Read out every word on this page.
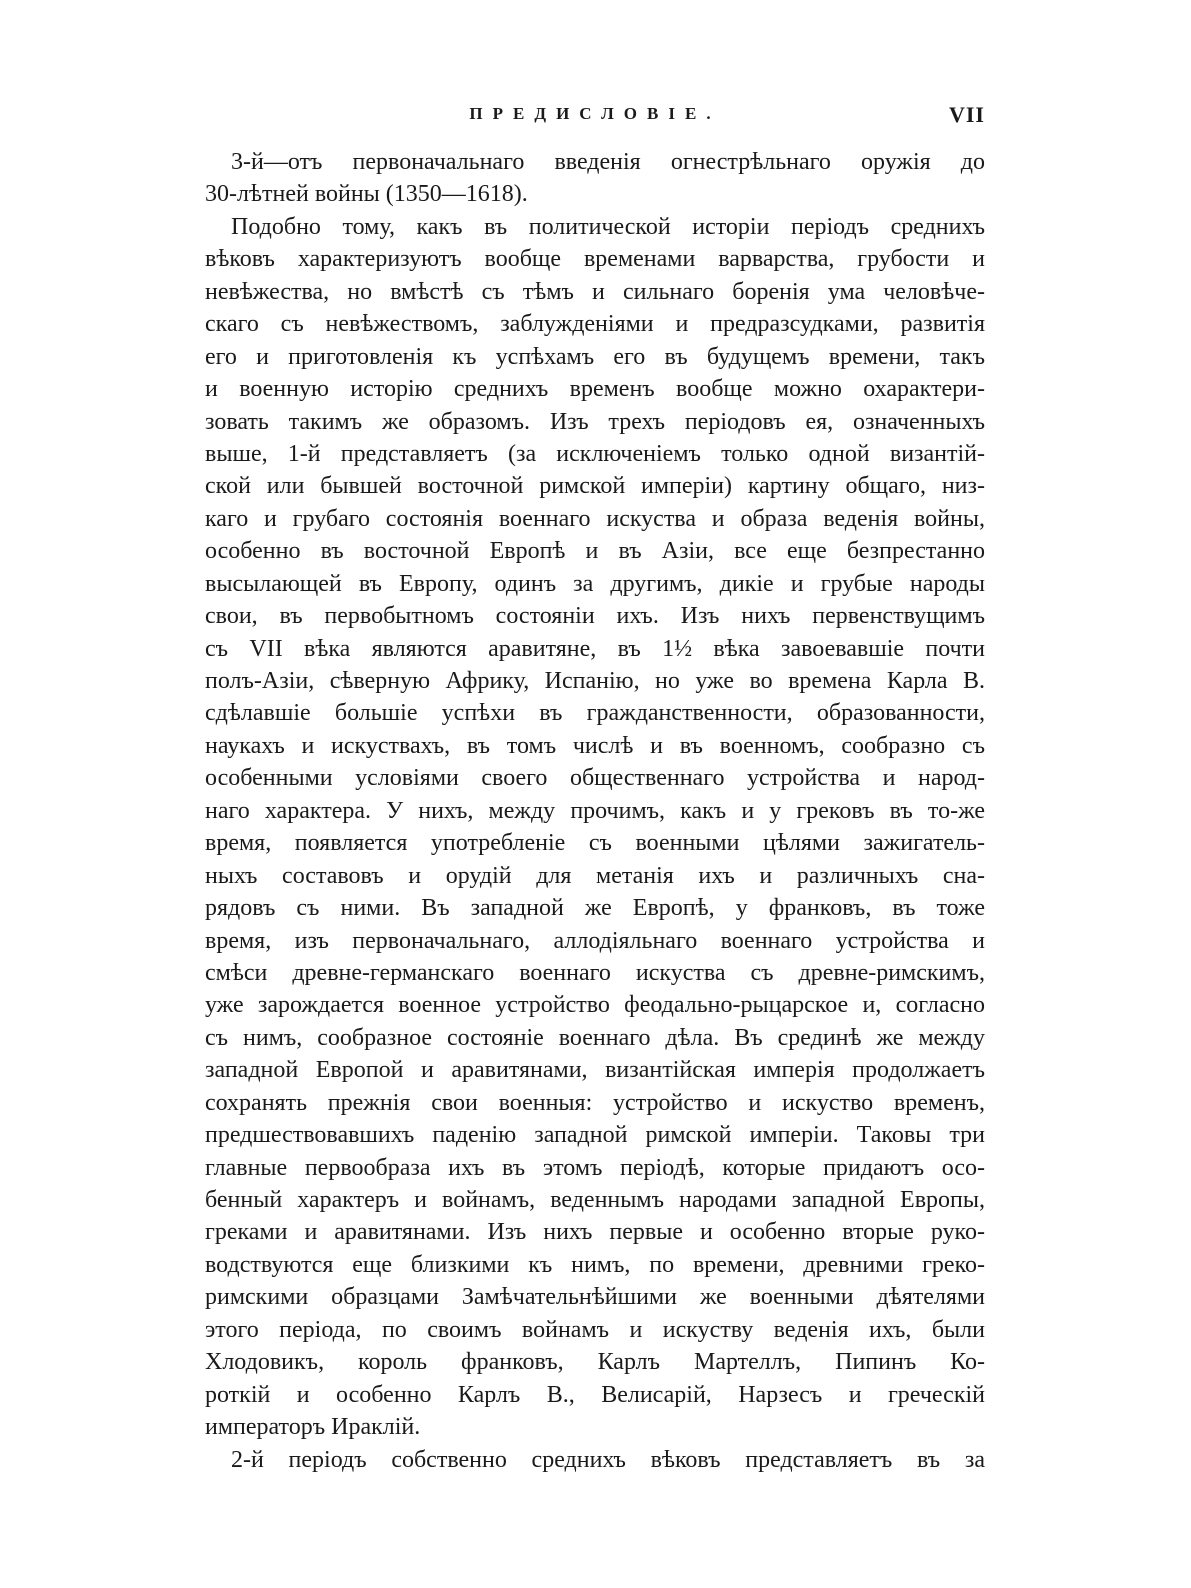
ПРЕДИСЛОВІЕ.	VII
3-й—отъ первоначальнаго введенія огнестрѣльнаго оружія до
30-лѣтней войны (1350—1618).
Подобно тому, какъ въ политической исторіи періодъ среднихъ
вѣковъ характеризуютъ вообще временами варварства, грубости и
невѣжества, но вмѣстѣ съ тѣмъ и сильнаго боренія ума человѣче-
скаго съ невѣжествомъ, заблужденіями и предразсудками, развитія
его и приготовленія къ успѣхамъ его въ будущемъ времени, такъ
и военную исторію среднихъ временъ вообще можно охарактери-
зовать такимъ же образомъ. Изъ трехъ періодовъ ея, означенныхъ
выше, 1-й представляетъ (за исключеніемъ только одной византій-
ской или бывшей восточной римской имперіи) картину общаго, низ-
каго и грубаго состоянія военнаго искуства и образа веденія войны,
особенно въ восточной Европѣ и въ Азіи, все еще безпрестанно
высылающей въ Европу, одинъ за другимъ, дикіе и грубые народы
свои, въ первобытномъ состояніи ихъ. Изъ нихъ первенствущимъ
съ VII вѣка являются аравитяне, въ 1½ вѣка завоевавшіе почти
полъ-Азіи, сѣверную Африку, Испанію, но уже во времена Карла В.
сдѣлавшіе большіе успѣхи въ гражданственности, образованности,
наукахъ и искуствахъ, въ томъ числѣ и въ военномъ, сообразно съ
особенными условіями своего общественнаго устройства и народ-
наго характера. У нихъ, между прочимъ, какъ и у грековъ въ то-же
время, появляется употребленіе съ военными цѣлями зажигатель-
ныхъ составовъ и орудій для метанія ихъ и различныхъ сна-
рядовъ съ ними. Въ западной же Европѣ, у франковъ, въ тоже
время, изъ первоначальнаго, аллодіяльнаго военнаго устройства и
смѣси древне-германскаго военнаго искуства съ древне-римскимъ,
уже зарождается военное устройство феодально-рыцарское и, согласно
съ нимъ, сообразное состояніе военнаго дѣла. Въ срединѣ же между
западной Европой и аравитянами, византійская имперія продолжаетъ
сохранять прежнія свои военныя: устройство и искуство временъ,
предшествовавшихъ паденію западной римской имперіи. Таковы три
главные первообраза ихъ въ этомъ періодѣ, которые придаютъ осо-
бенный характеръ и войнамъ, веденнымъ народами западной Европы,
греками и аравитянами. Изъ нихъ первые и особенно вторые руко-
водствуются еще близкими къ нимъ, по времени, древними греко-
римскими образцами Замѣчательнѣйшими же военными дѣятелями
этого періода, по своимъ войнамъ и искуству веденія ихъ, были
Хлодовикъ, король франковъ, Карлъ Мартеллъ, Пипинъ Ко-
роткій и особенно Карлъ В., Велисарій, Нарзесъ и греческій
императоръ Ираклій.
2-й періодъ собственно среднихъ вѣковъ представляетъ въ за
